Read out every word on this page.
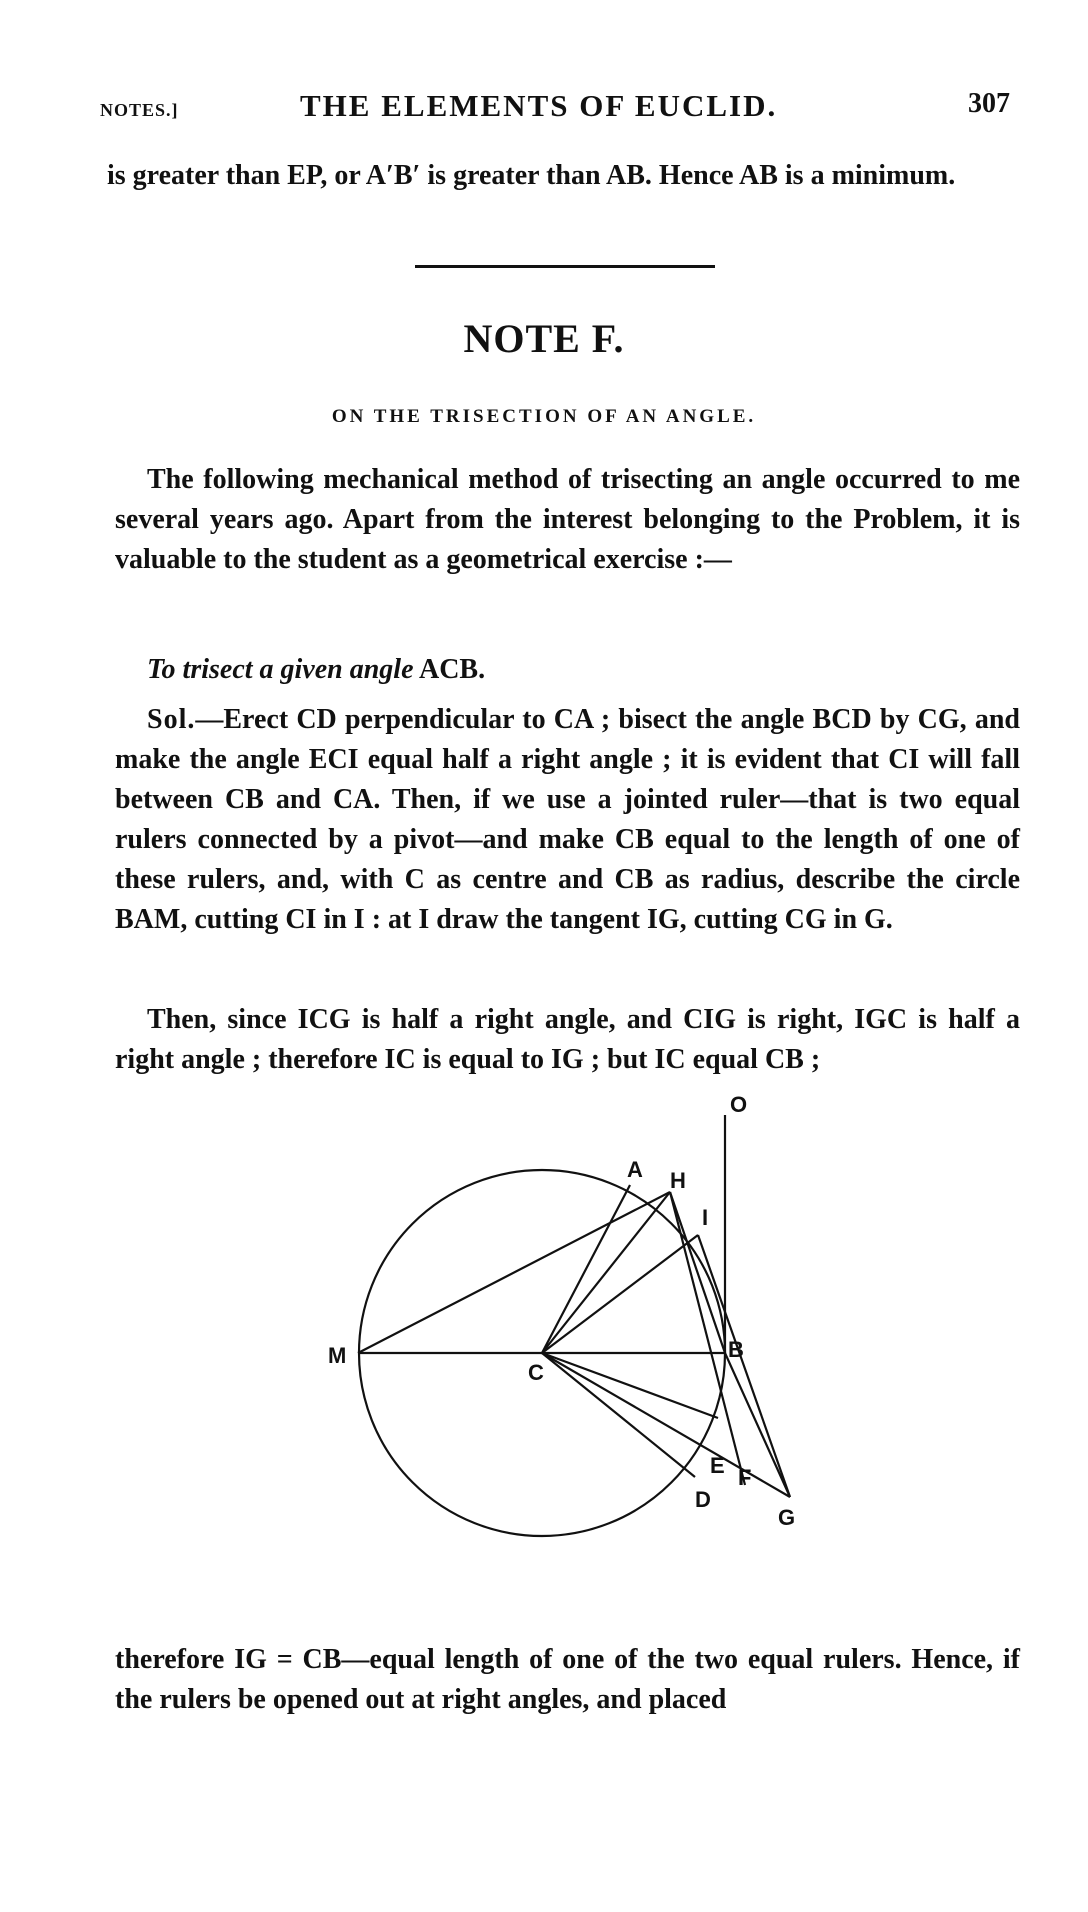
NOTES.]	THE ELEMENTS OF EUCLID.	307

is greater than EP, or A′B′ is greater than AB. Hence AB is a minimum.

NOTE F.
ON THE TRISECTION OF AN ANGLE.

The following mechanical method of trisecting an angle occurred to me several years ago. Apart from the interest belonging to the Problem, it is valuable to the student as a geometrical exercise :—

To trisect a given angle ACB.

Sol.—Erect CD perpendicular to CA ; bisect the angle BCD by CG, and make the angle ECI equal half a right angle ; it is evident that CI will fall between CB and CA. Then, if we use a jointed ruler—that is two equal rulers connected by a pivot—and make CB equal to the length of one of these rulers, and, with C as centre and CB as radius, describe the circle BAM, cutting CI in I : at I draw the tangent IG, cutting CG in G.

Then, since ICG is half a right angle, and CIG is right, IGC is half a right angle ; therefore IC is equal to IG ; but IC equal CB ;

O
A H
I
M
C
B
E F
G
D

therefore IG = CB—equal length of one of the two equal rulers. Hence, if the rulers be opened out at right angles, and placed
